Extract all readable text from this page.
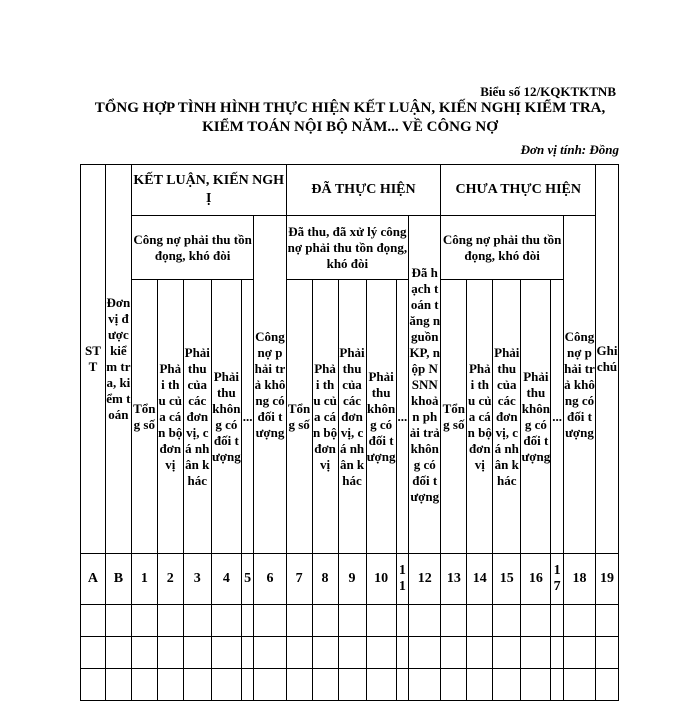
Biểu số 12/KQKTKTNB
TỔNG HỢP TÌNH HÌNH THỰC HIỆN KẾT LUẬN, KIẾN NGHỊ KIỂM TRA,
KIỂM TOÁN NỘI BỘ NĂM... VỀ CÔNG NỢ
Đơn vị tính: Đồng
STT	Đơn vị được kiểm tra, kiểm toán	KẾT LUẬN, KIẾN NGHỊ						ĐÃ THỰC HIỆN						CHƯA THỰC HIỆN						Ghi chú
		Công nợ phải thu tồn đọng, khó đòi					Công nợ phải trả không có đối tượng	Đã thu, đã xử lý công nợ phải thu tồn đọng, khó đòi					Đã hạch toán tăng nguồn KP, nộp NSNN khoản phải trả không có đối tượng	Công nợ phải thu tồn đọng, khó đòi					Công nợ phải trả không có đối tượng	
		Tổng số	Phải thu của cán bộ đơn vị	Phải thu của các đơn vị, cá nhân khác	Phải thu không có đối tượng	...		Tổng số	Phải thu của cán bộ đơn vị	Phải thu của các đơn vị, cá nhân khác	Phải thu không có đối tượng	...		Tổng số	Phải thu của cán bộ đơn vị	Phải thu của các đơn vị, cá nhân khác	Phải thu không có đối tượng	...		
A	B	1	2	3	4	5	6	7	8	9	10	11	12	13	14	15	16	17	18	19
